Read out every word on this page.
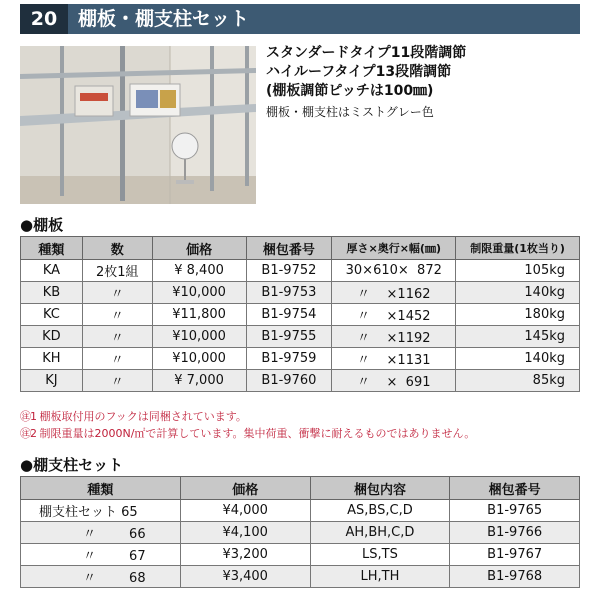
20	棚板・棚支柱セット
スタンダードタイプ11段階調節
ハイルーフタイプ13段階調節
(棚板調節ピッチは100㎜)
棚板・棚支柱はミストグレー色
●棚板
種類	数	価格	梱包番号	厚さ×奥行×幅(㎜)	制限重量(1枚当り)
KA	2枚1組	¥ 8,400	B1-9752	30×610×  872	105kg
KB	〃	¥10,000	B1-9753	〃    ×1162	140kg
KC	〃	¥11,800	B1-9754	〃    ×1452	180kg
KD	〃	¥10,000	B1-9755	〃    ×1192	145kg
KH	〃	¥10,000	B1-9759	〃    ×1131	140kg
KJ	〃	¥ 7,000	B1-9760	〃    ×  691	85kg
㊟1 棚板取付用のフックは同梱されています。
㊟2 制限重量は2000N/㎡で計算しています。集中荷重、衝撃に耐えるものではありません。
●棚支柱セット
種類	価格	梱包内容	梱包番号
棚支柱セット 65	¥4,000	AS,BS,C,D	B1-9765
〃        66	¥4,100	AH,BH,C,D	B1-9766
〃        67	¥3,200	LS,TS	B1-9767
〃        68	¥3,400	LH,TH	B1-9768
